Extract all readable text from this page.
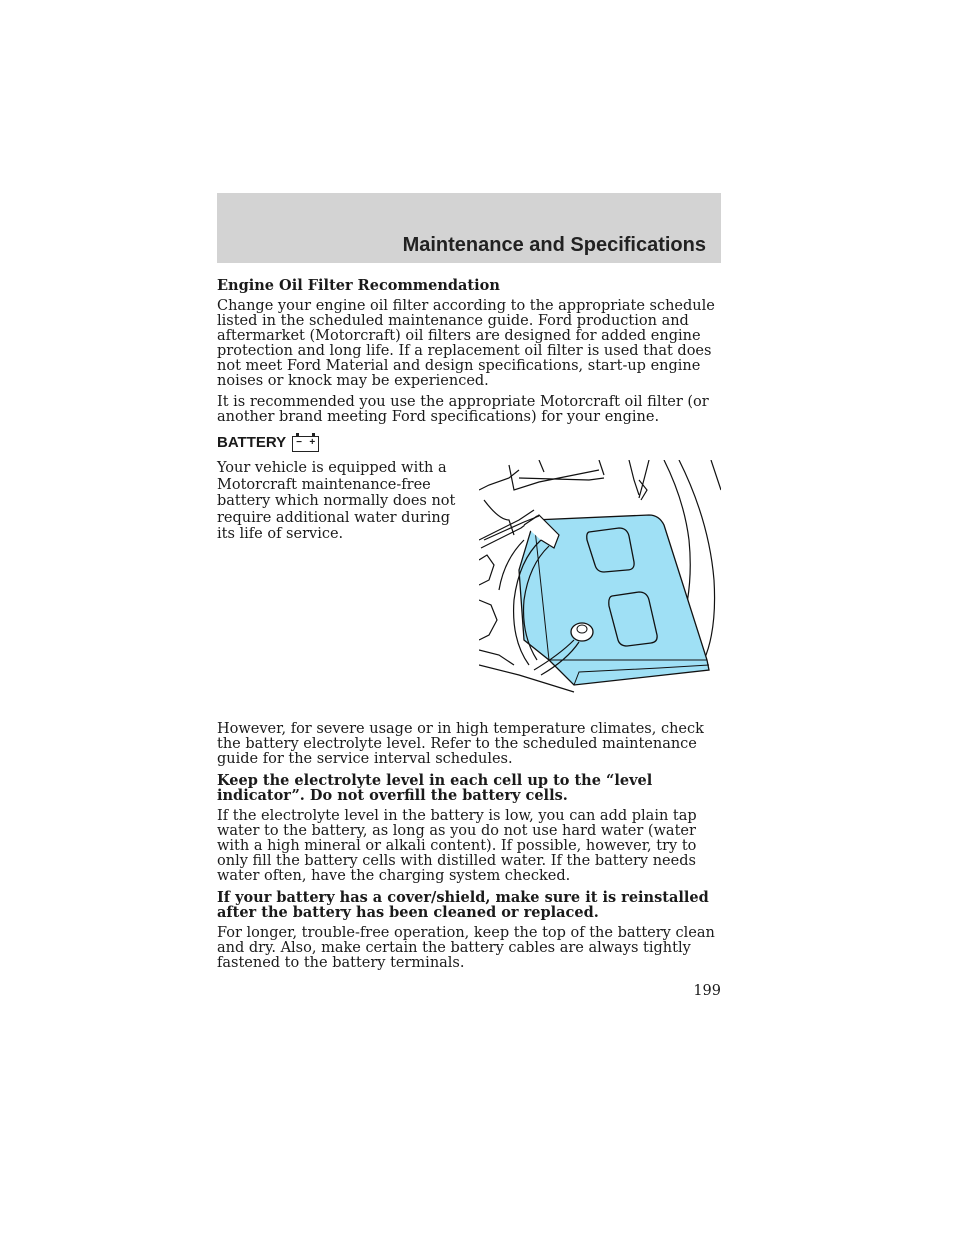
Maintenance and Specifications

Engine Oil Filter Recommendation

Change your engine oil filter according to the appropriate schedule listed in the scheduled maintenance guide. Ford production and aftermarket (Motorcraft) oil filters are designed for added engine protection and long life. If a replacement oil filter is used that does not meet Ford Material and design specifications, start-up engine noises or knock may be experienced.

It is recommended you use the appropriate Motorcraft oil filter (or another brand meeting Ford specifications) for your engine.

BATTERY − +
Your vehicle is equipped with a Motorcraft maintenance-free battery which normally does not require additional water during its life of service.

However, for severe usage or in high temperature climates, check the battery electrolyte level. Refer to the scheduled maintenance guide for the service interval schedules.

Keep the electrolyte level in each cell up to the “level indicator”. Do not overfill the battery cells.

If the electrolyte level in the battery is low, you can add plain tap water to the battery, as long as you do not use hard water (water with a high mineral or alkali content). If possible, however, try to only fill the battery cells with distilled water. If the battery needs water often, have the charging system checked.

If your battery has a cover/shield, make sure it is reinstalled after the battery has been cleaned or replaced.

For longer, trouble-free operation, keep the top of the battery clean and dry. Also, make certain the battery cables are always tightly fastened to the battery terminals.

199
